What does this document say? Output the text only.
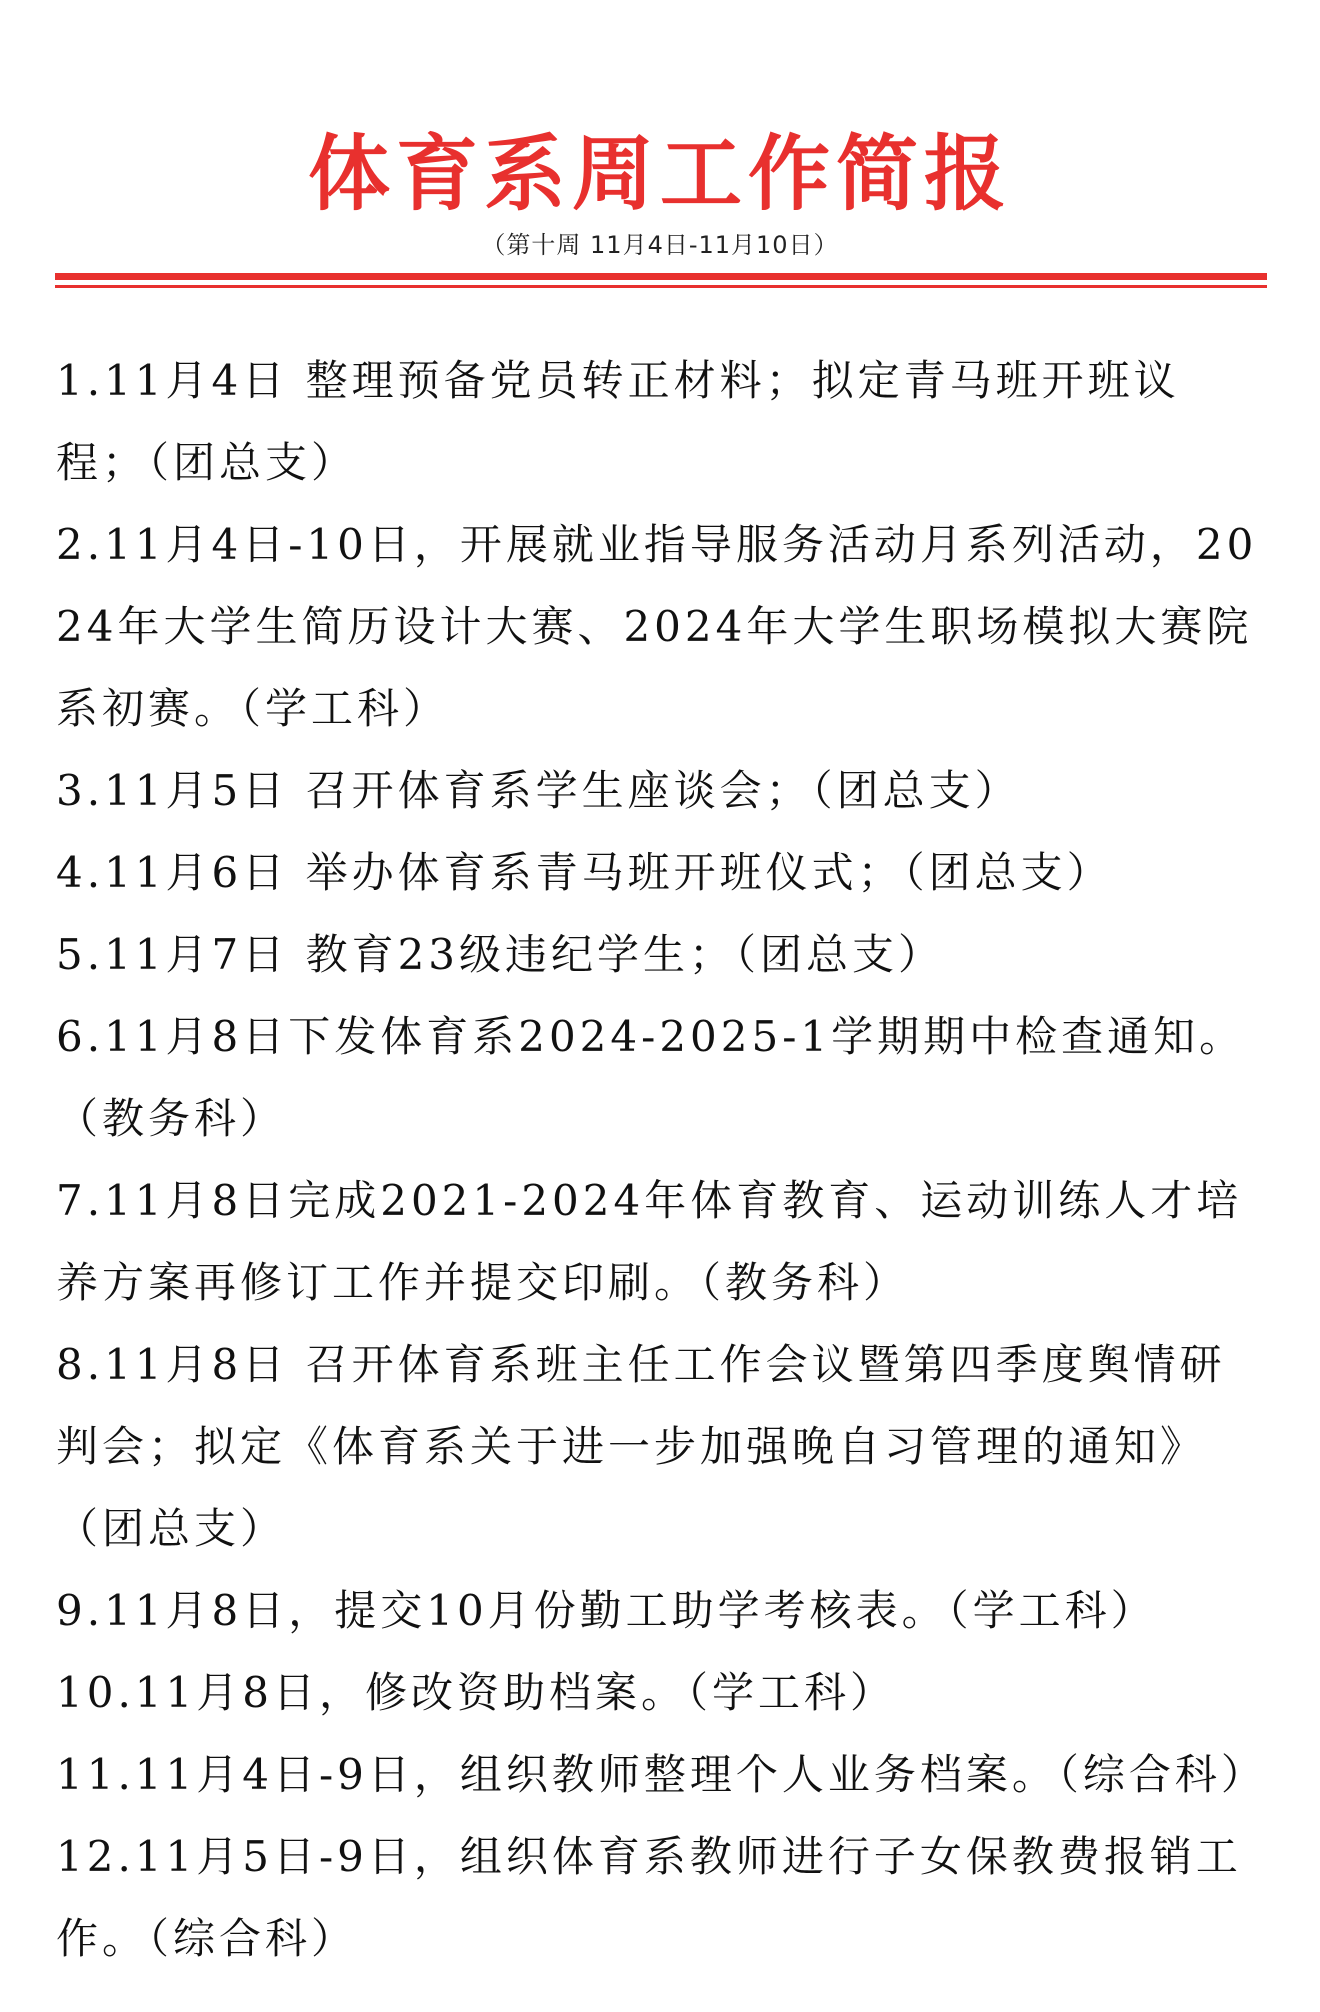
体育系周工作简报
（第十周 11月4日-11月10日）
1.11月4日 整理预备党员转正材料；拟定青马班开班议程；（团总支）
2.11月4日-10日，开展就业指导服务活动月系列活动，2024年大学生简历设计大赛、2024年大学生职场模拟大赛院系初赛。（学工科）
3.11月5日 召开体育系学生座谈会；（团总支）
4.11月6日 举办体育系青马班开班仪式；（团总支）
5.11月7日 教育23级违纪学生；（团总支）
6.11月8日下发体育系2024-2025-1学期期中检查通知。（教务科）
7.11月8日完成2021-2024年体育教育、运动训练人才培养方案再修订工作并提交印刷。（教务科）
8.11月8日 召开体育系班主任工作会议暨第四季度舆情研判会；拟定《体育系关于进一步加强晚自习管理的通知》（团总支）
9.11月8日，提交10月份勤工助学考核表。（学工科）
10.11月8日，修改资助档案。（学工科）
11.11月4日-9日，组织教师整理个人业务档案。（综合科）
12.11月5日-9日，组织体育系教师进行子女保教费报销工作。（综合科）
